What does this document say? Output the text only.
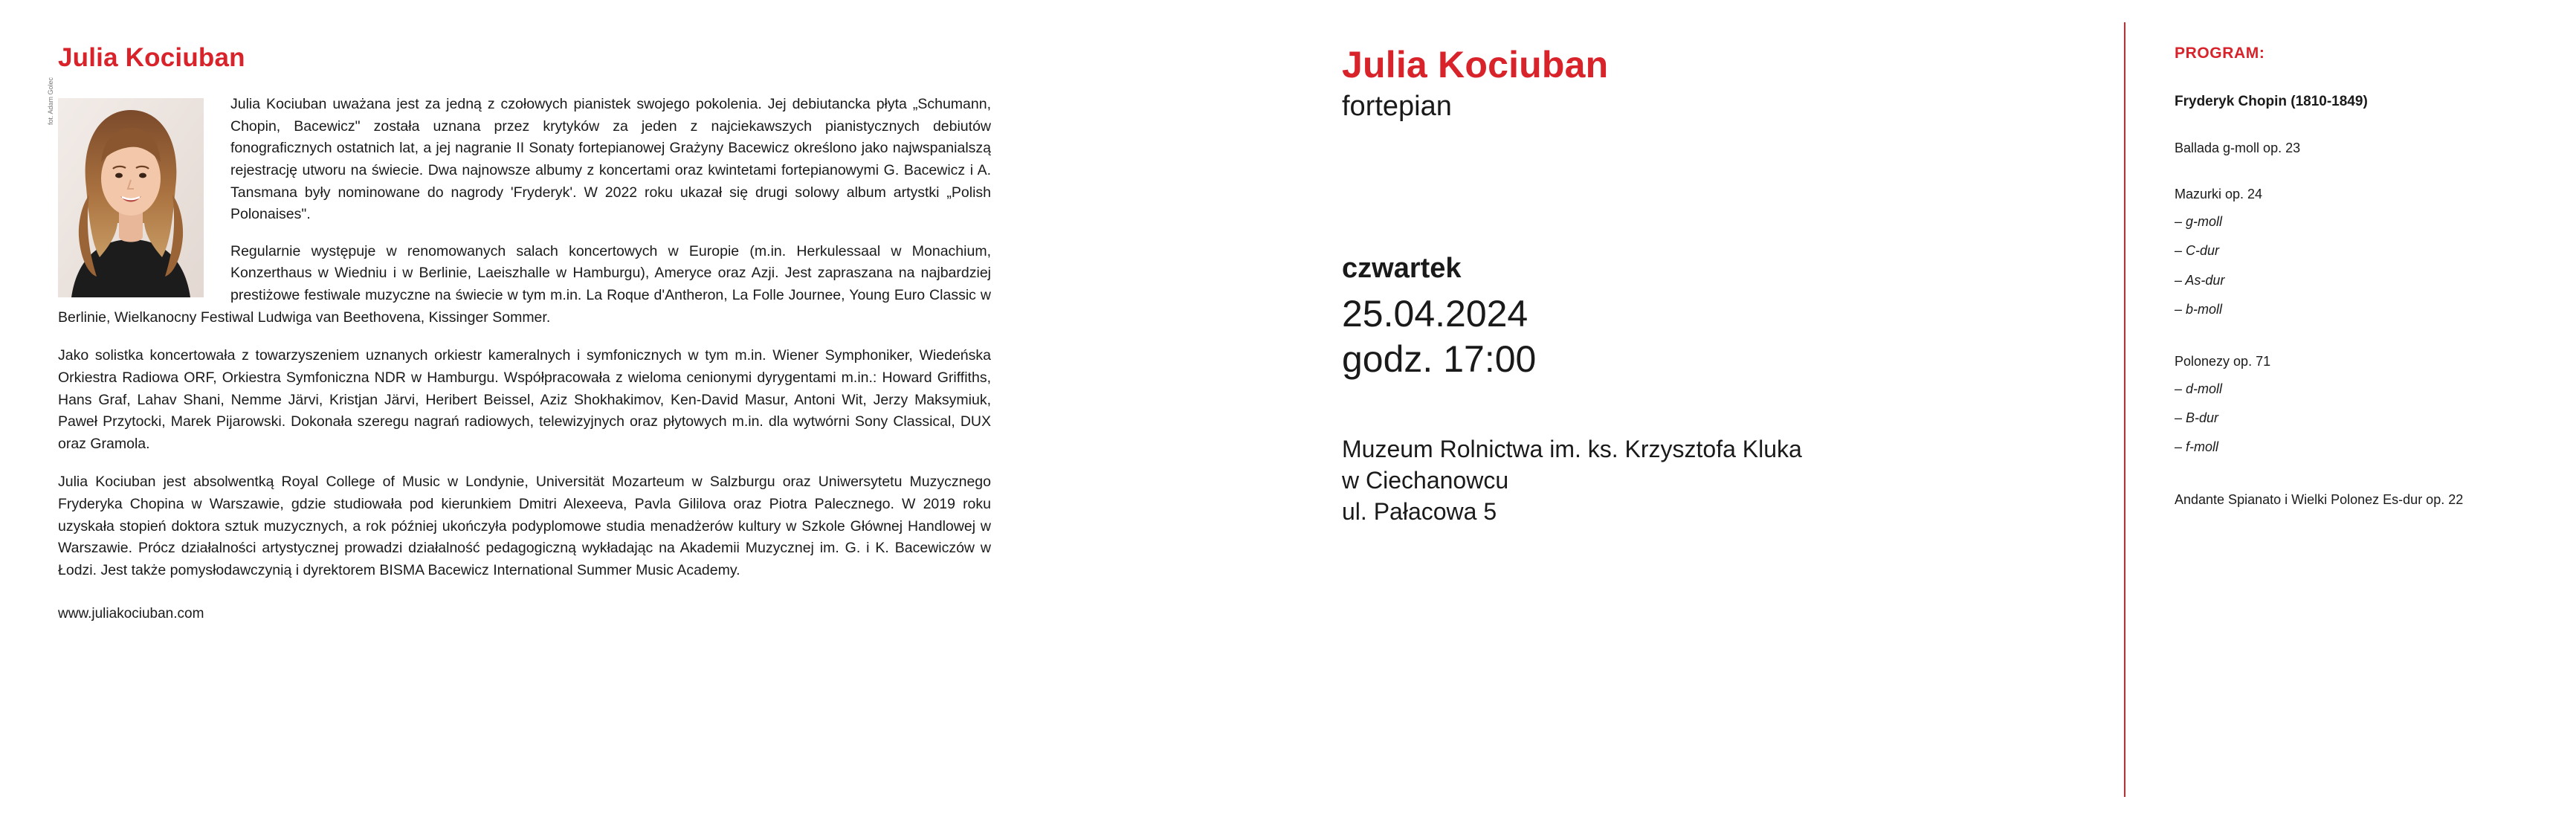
Julia Kociuban
fot. Adam Golec	Julia Kociuban uważana jest za jedną z czołowych pianistek swojego pokolenia. Jej debiutancka płyta „Schumann, Chopin, Bacewicz" została uznana przez krytyków za jeden z najciekawszych pianistycznych debiutów fonograficznych ostatnich lat, a jej nagranie II Sonaty fortepianowej Grażyny Bacewicz określono jako najwspanialszą rejestrację utworu na świecie. Dwa najnowsze albumy z koncertami oraz kwintetami fortepianowymi G. Bacewicz i A. Tansmana były nominowane do nagrody 'Fryderyk'. W 2022 roku ukazał się drugi solowy album artystki „Polish Polonaises".

Regularnie występuje w renomowanych salach koncertowych w Europie (m.in. Herkulessaal w Monachium, Konzerthaus w Wiedniu i w Berlinie, Laeiszhalle w Hamburgu), Ameryce oraz Azji. Jest zapraszana na najbardziej prestiżowe festiwale muzyczne na świecie w tym m.in. La Roque d'Antheron, La Folle Journee, Young Euro Classic w Berlinie, Wielkanocny Festiwal Ludwiga van Beethovena, Kissinger Sommer.

Jako solistka koncertowała z towarzyszeniem uznanych orkiestr kameralnych i symfonicznych w tym m.in. Wiener Symphoniker, Wiedeńska Orkiestra Radiowa ORF, Orkiestra Symfoniczna NDR w Hamburgu. Współpracowała z wieloma cenionymi dyrygentami m.in.: Howard Griffiths, Hans Graf, Lahav Shani, Nemme Järvi, Kristjan Järvi, Heribert Beissel, Aziz Shokhakimov, Ken-David Masur, Antoni Wit, Jerzy Maksymiuk, Paweł Przytocki, Marek Pijarowski. Dokonała szeregu nagrań radiowych, telewizyjnych oraz płytowych m.in. dla wytwórni Sony Classical, DUX oraz Gramola.

Julia Kociuban jest absolwentką Royal College of Music w Londynie, Universität Mozarteum w Salzburgu oraz Uniwersytetu Muzycznego Fryderyka Chopina w Warszawie, gdzie studiowała pod kierunkiem Dmitri Alexeeva, Pavla Gililova oraz Piotra Palecznego. W 2019 roku uzyskała stopień doktora sztuk muzycznych, a rok później ukończyła podyplomowe studia menadżerów kultury w Szkole Głównej Handlowej w Warszawie. Prócz działalności artystycznej prowadzi działalność pedagogiczną wykładając na Akademii Muzycznej im. G. i K. Bacewiczów w Łodzi. Jest także pomysłodawczynią i dyrektorem BISMA Bacewicz International Summer Music Academy.

www.juliakociuban.com
Julia Kociuban
fortepian
czwartek
25.04.2024
godz. 17:00
Muzeum Rolnictwa im. ks. Krzysztofa Kluka
w Ciechanowcu
ul. Pałacowa 5
PROGRAM:
Fryderyk Chopin (1810-1849)
Ballada g-moll op. 23
Mazurki op. 24
– g-moll
– C-dur
– As-dur
– b-moll
Polonezy op. 71
– d-moll
– B-dur
– f-moll
Andante Spianato i Wielki Polonez Es-dur op. 22
